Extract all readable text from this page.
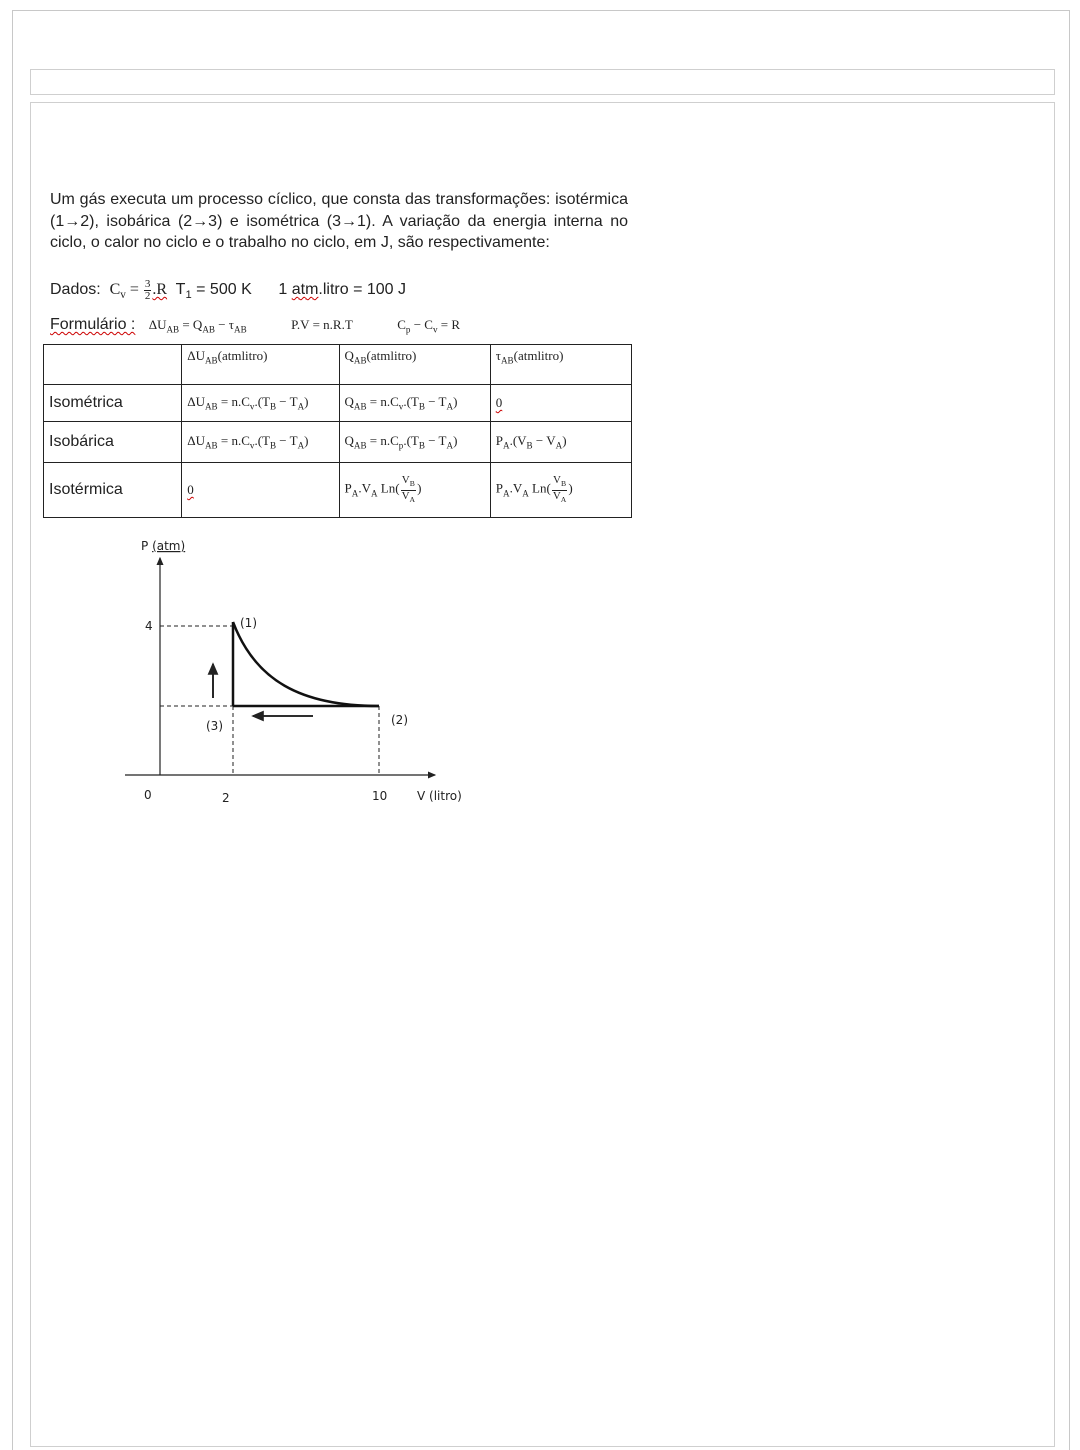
Um gás executa um processo cíclico, que consta das transformações: isotérmica (1→2), isobárica (2→3) e isométrica (3→1). A variação da energia interna no ciclo, o calor no ciclo e o trabalho no ciclo, em J, são respectivamente:
Dados: $C_v = \frac{3}{2} .R$ $T_1 = 500$ K 1 atm.litro = 100 J
Formulário : $\Delta U_{AB} = Q_{AB} - \tau_{AB}$	P.V = n.R.T	$C_p - C_v = R$
	$\Delta U_{AB}(atmlitro)$	$Q_{AB}(atmlitro)$	$\tau_{AB}(atmlitro)$
Isométrica	$\Delta U_{AB} = n.C_v.(T_B - T_A)$	$Q_{AB} = n.C_v.(T_B - T_A)$	0
Isobárica	$\Delta U_{AB} = n.C_v.(T_B - T_A)$	$Q_{AB} = n.C_p.(T_B - T_A)$	$P_A.(V_B - V_A)$
Isotérmica	0	$P_A.V_A$ $Ln( \frac{V_B}{V_A}$ )	$P_A.V_A$ $Ln( \frac{V_B}{V_A}$ )
P (atm)
V (litro)
0
4
2	10
(1)
(2)
(3)
